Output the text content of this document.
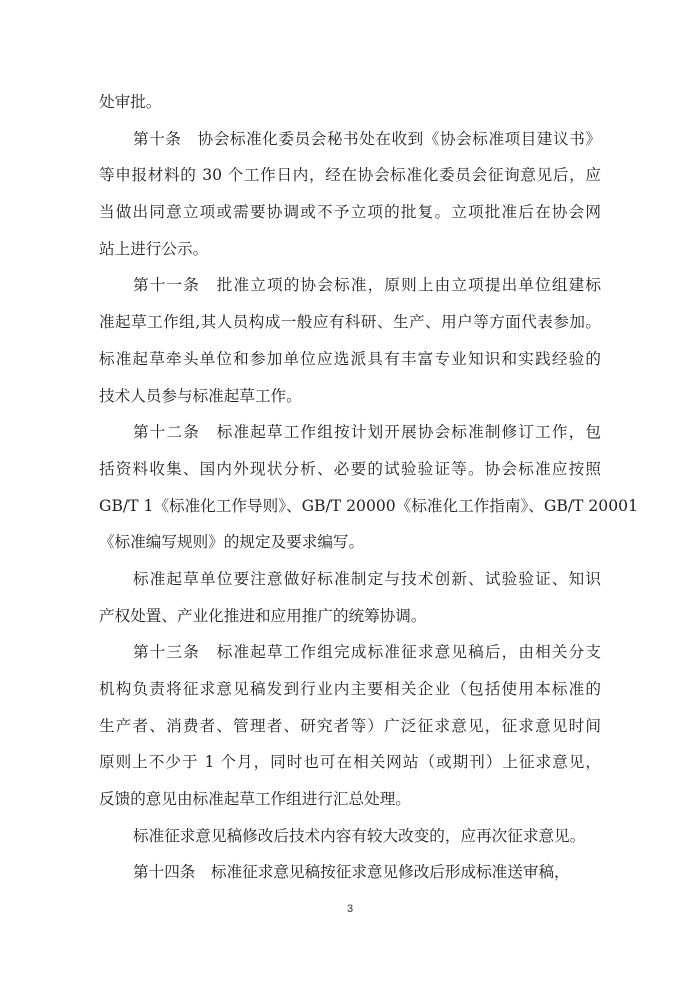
处审批。
第十条　协会标准化委员会秘书处在收到《协会标准项目建议书》
等申报材料的 30 个工作日内，经在协会标准化委员会征询意见后，应
当做出同意立项或需要协调或不予立项的批复。立项批准后在协会网
站上进行公示。
第十一条　批准立项的协会标准，原则上由立项提出单位组建标
准起草工作组,其人员构成一般应有科研、生产、用户等方面代表参加。
标准起草牵头单位和参加单位应选派具有丰富专业知识和实践经验的
技术人员参与标准起草工作。
第十二条　标准起草工作组按计划开展协会标准制修订工作，包
括资料收集、国内外现状分析、必要的试验验证等。协会标准应按照
GB/T 1《标准化工作导则》、GB/T 20000《标准化工作指南》、GB/T 20001
《标准编写规则》的规定及要求编写。
标准起草单位要注意做好标准制定与技术创新、试验验证、知识
产权处置、产业化推进和应用推广的统筹协调。
第十三条　标准起草工作组完成标准征求意见稿后，由相关分支
机构负责将征求意见稿发到行业内主要相关企业（包括使用本标准的
生产者、消费者、管理者、研究者等）广泛征求意见，征求意见时间
原则上不少于 1 个月，同时也可在相关网站（或期刊）上征求意见，
反馈的意见由标准起草工作组进行汇总处理。
标准征求意见稿修改后技术内容有较大改变的，应再次征求意见。
第十四条　标准征求意见稿按征求意见修改后形成标准送审稿，
3
